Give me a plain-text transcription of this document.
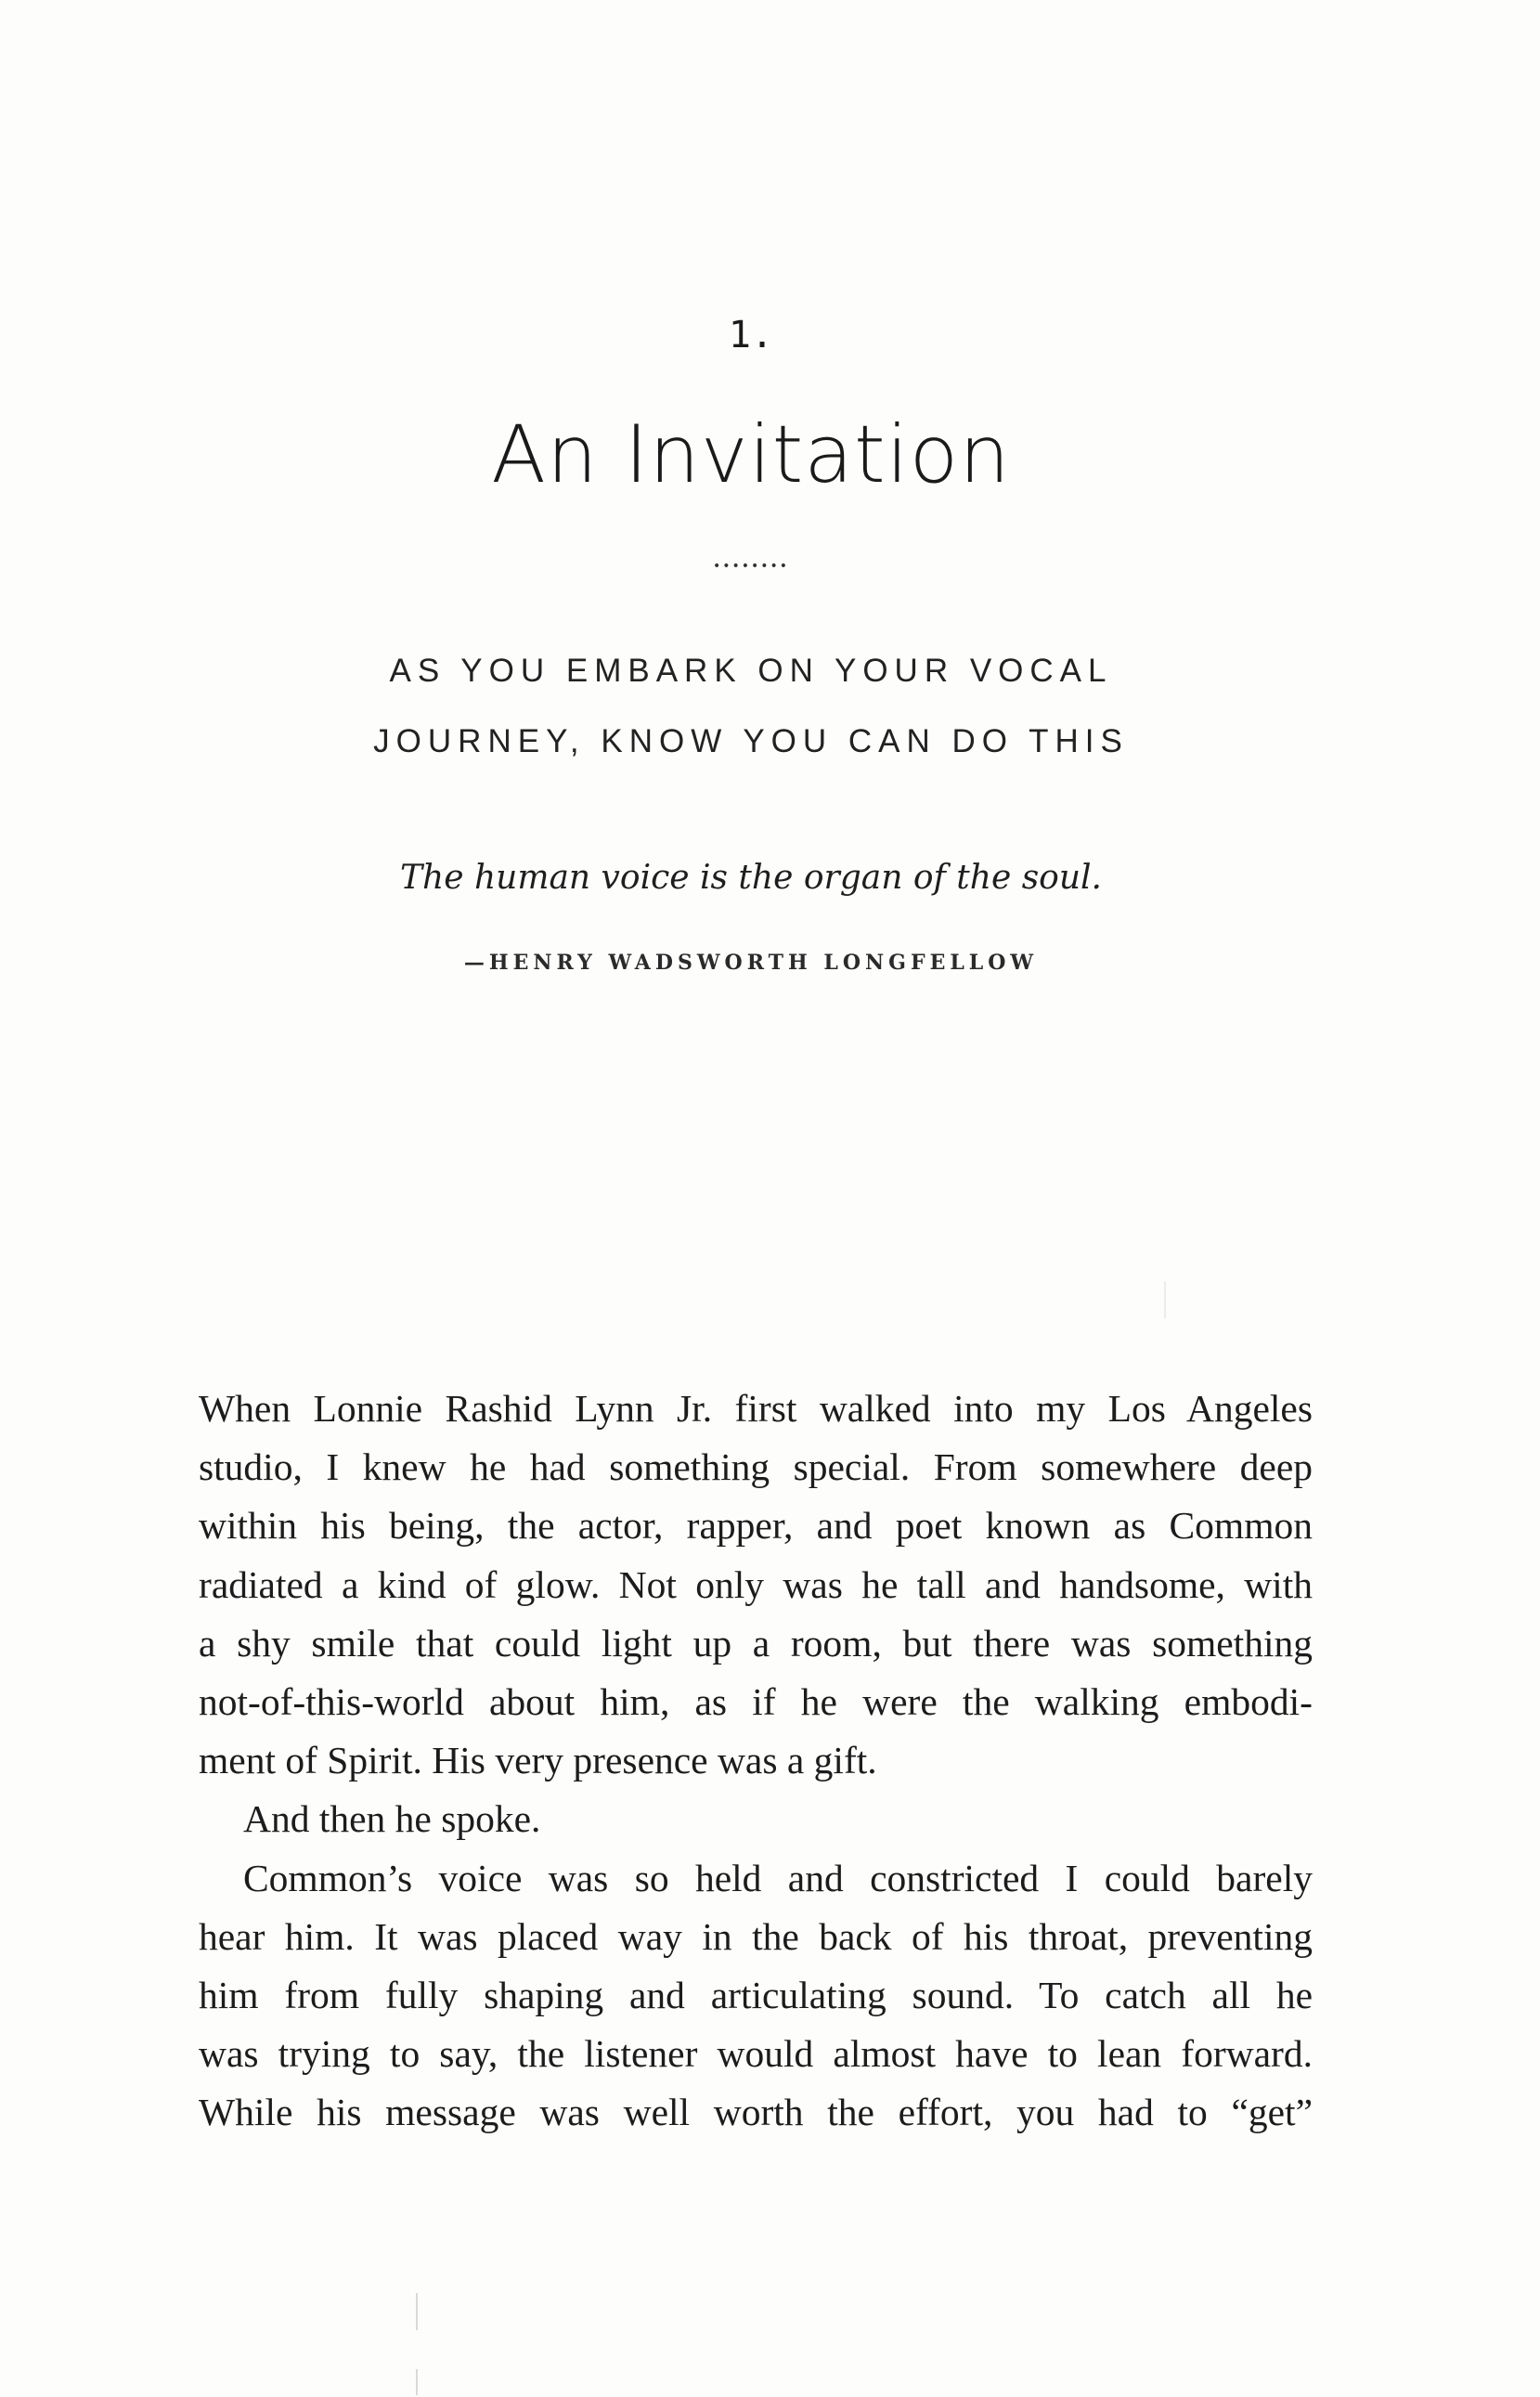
1.
An Invitation
••••••••
AS YOU EMBARK ON YOUR VOCAL
JOURNEY, KNOW YOU CAN DO THIS
The human voice is the organ of the soul.
—HENRY WADSWORTH LONGFELLOW
When Lonnie Rashid Lynn Jr. first walked into my Los Angeles
studio, I knew he had something special. From somewhere deep
within his being, the actor, rapper, and poet known as Common
radiated a kind of glow. Not only was he tall and handsome, with
a shy smile that could light up a room, but there was something
not-of-this-world about him, as if he were the walking embodi-
ment of Spirit. His very presence was a gift.
And then he spoke.
Common’s voice was so held and constricted I could barely
hear him. It was placed way in the back of his throat, preventing
him from fully shaping and articulating sound. To catch all he
was trying to say, the listener would almost have to lean forward.
While his message was well worth the effort, you had to “get”
